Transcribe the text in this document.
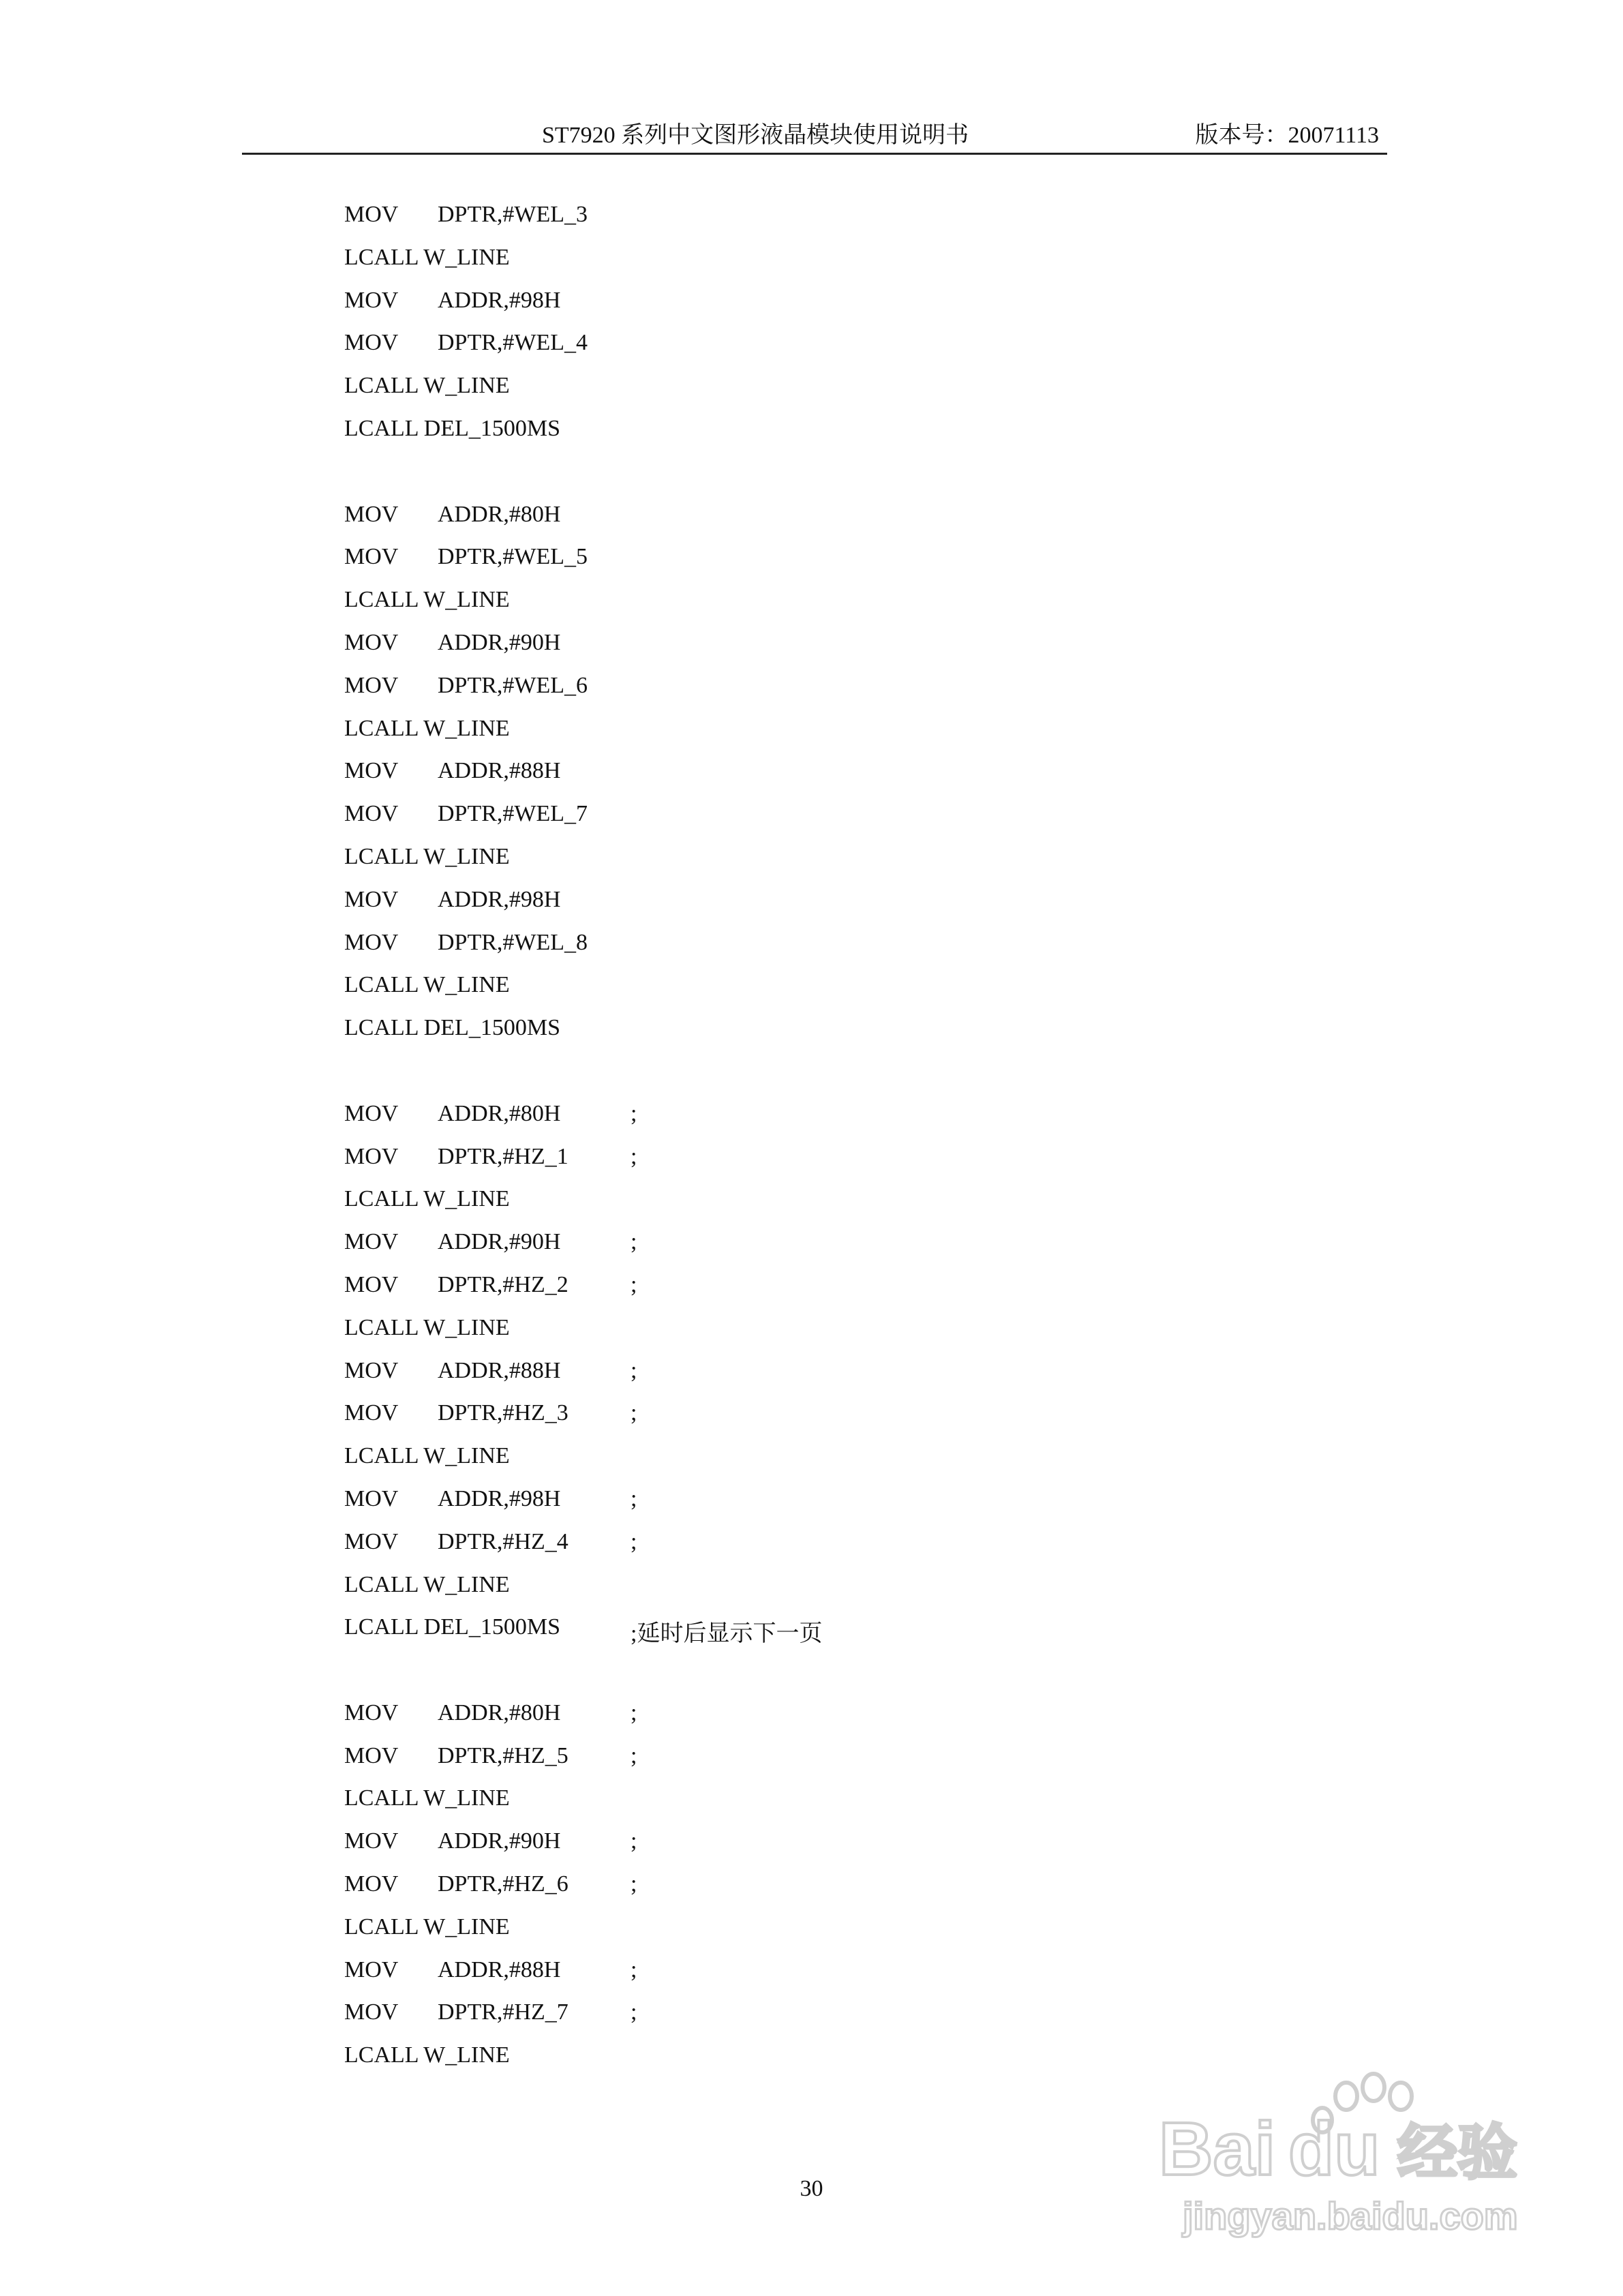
ST7920 系列中文图形液晶模块使用说明书	版本号：20071113
MOV DPTR,#WEL_3
LCALL W_LINE
MOV ADDR,#98H
MOV DPTR,#WEL_4
LCALL W_LINE
LCALL DEL_1500MS
MOV ADDR,#80H
MOV DPTR,#WEL_5
LCALL W_LINE
MOV ADDR,#90H
MOV DPTR,#WEL_6
LCALL W_LINE
MOV ADDR,#88H
MOV DPTR,#WEL_7
LCALL W_LINE
MOV ADDR,#98H
MOV DPTR,#WEL_8
LCALL W_LINE
LCALL DEL_1500MS
MOV ADDR,#80H	;
MOV DPTR,#HZ_1	;
LCALL W_LINE
MOV ADDR,#90H	;
MOV DPTR,#HZ_2	;
LCALL W_LINE
MOV ADDR,#88H	;
MOV DPTR,#HZ_3	;
LCALL W_LINE
MOV ADDR,#98H	;
MOV DPTR,#HZ_4	;
LCALL W_LINE
LCALL DEL_1500MS	;延时后显示下一页
MOV ADDR,#80H	;
MOV DPTR,#HZ_5	;
LCALL W_LINE
MOV ADDR,#90H	;
MOV DPTR,#HZ_6	;
LCALL W_LINE
MOV ADDR,#88H	;
MOV DPTR,#HZ_7	;
LCALL W_LINE
30	Bai du 经验
jingyan.baidu.com
